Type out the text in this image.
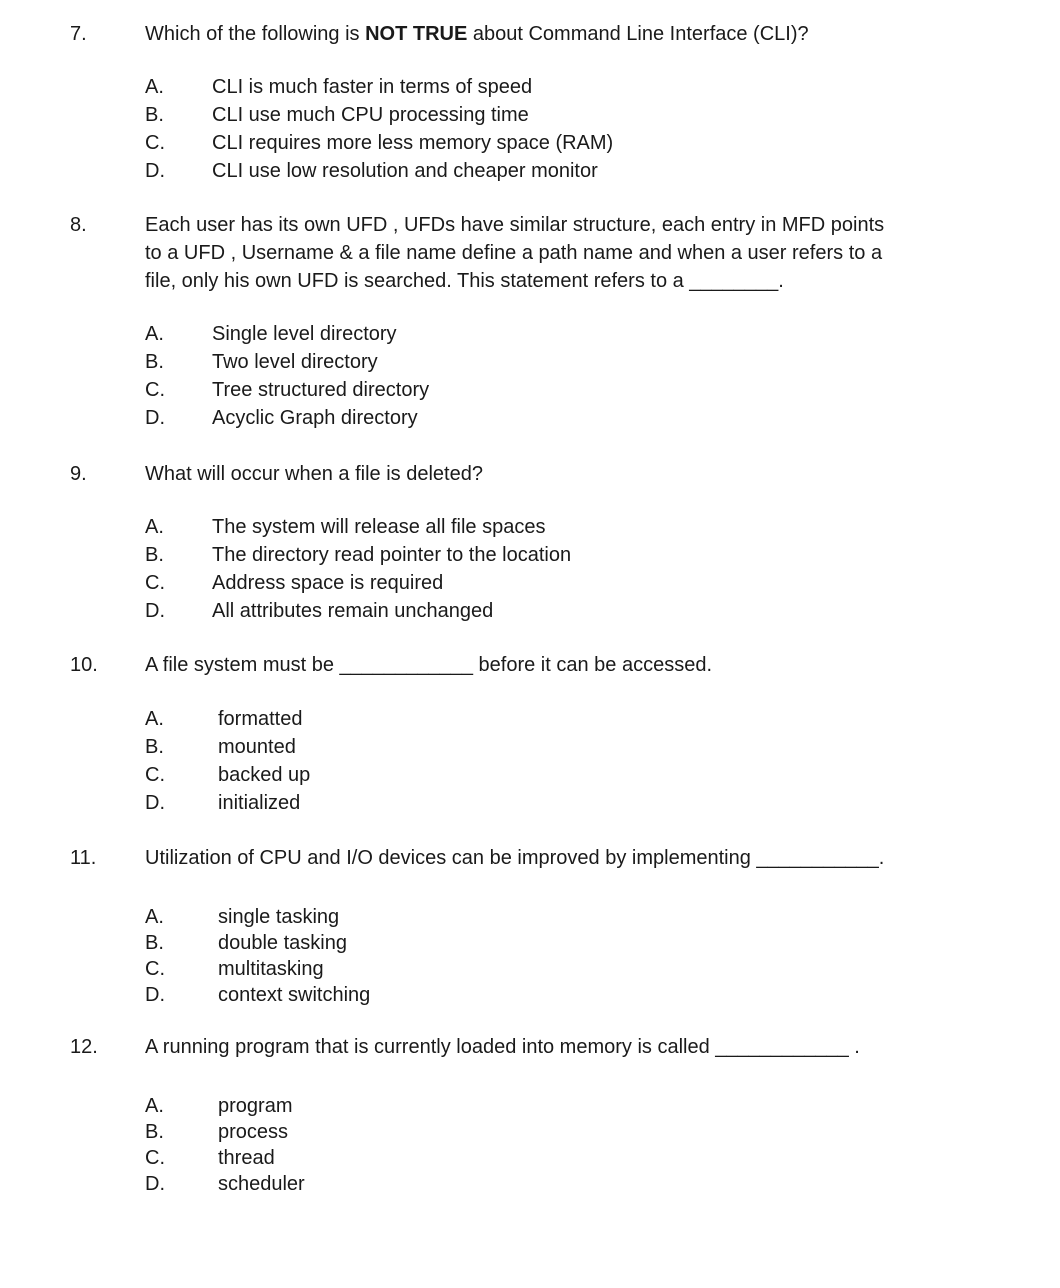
7.	Which of the following is NOT TRUE about Command Line Interface (CLI)?
A. CLI is much faster in terms of speed
B. CLI use much CPU processing time
C. CLI requires more less memory space (RAM)
D. CLI use low resolution and cheaper monitor
8.	Each user has its own UFD , UFDs have similar structure, each entry in MFD points
to a UFD , Username & a file name define a path name and when a user refers to a
file, only his own UFD is searched. This statement refers to a ________.
A. Single level directory
B. Two level directory
C. Tree structured directory
D. Acyclic Graph directory
9.	What will occur when a file is deleted?
A. The system will release all file spaces
B. The directory read pointer to the location
C. Address space is required
D. All attributes remain unchanged
10. A file system must be ____________ before it can be accessed.
A.	formatted
B.	mounted
C.	backed up
D.	initialized
11. Utilization of CPU and I/O devices can be improved by implementing ___________.
A.	single tasking
B.	double tasking
C.	multitasking
D.	context switching
12. A running program that is currently loaded into memory is called ____________ .
A.	program
B.	process
C.	thread
D.	scheduler
